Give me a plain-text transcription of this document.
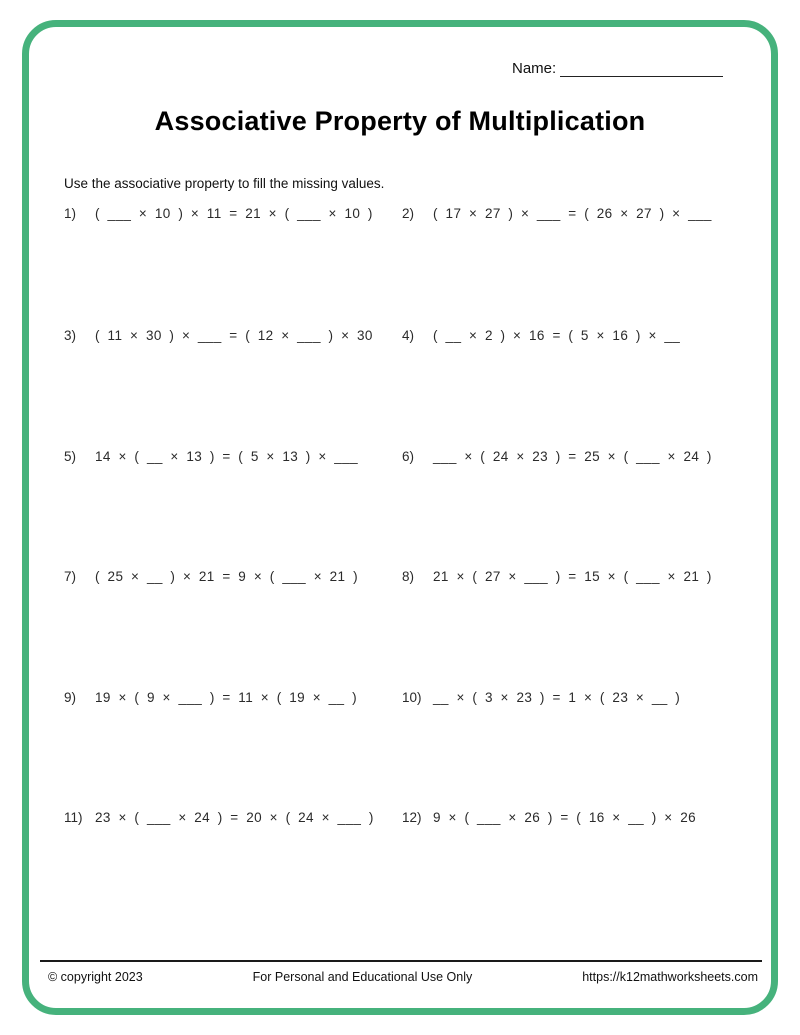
Name:
Associative Property of Multiplication
Use the associative property to fill the missing values.
1)	( ___ × 10 ) × 11 = 21 × ( ___ × 10 ) 2)	( 17 × 27 ) × ___ = ( 26 × 27 ) × ___
3)	( 11 × 30 ) × ___ = ( 12 × ___ ) × 30 4)	( __ × 2 ) × 16 = ( 5 × 16 ) × __
5)	14 × ( __ × 13 ) = ( 5 × 13 ) × ___	6)	___ × ( 24 × 23 ) = 25 × ( ___ × 24 )
7)	( 25 × __ ) × 21 = 9 × ( ___ × 21 )	8)	21 × ( 27 × ___ ) = 15 × ( ___ × 21 )
9)	19 × ( 9 × ___ ) = 11 × ( 19 × __ )	10) __ × ( 3 × 23 ) = 1 × ( 23 × __ )
11) 23 × ( ___ × 24 ) = 20 × ( 24 × ___ ) 12) 9 × ( ___ × 26 ) = ( 16 × __ ) × 26
© copyright 2023	For Personal and Educational Use Only	https://k12mathworksheets.com
